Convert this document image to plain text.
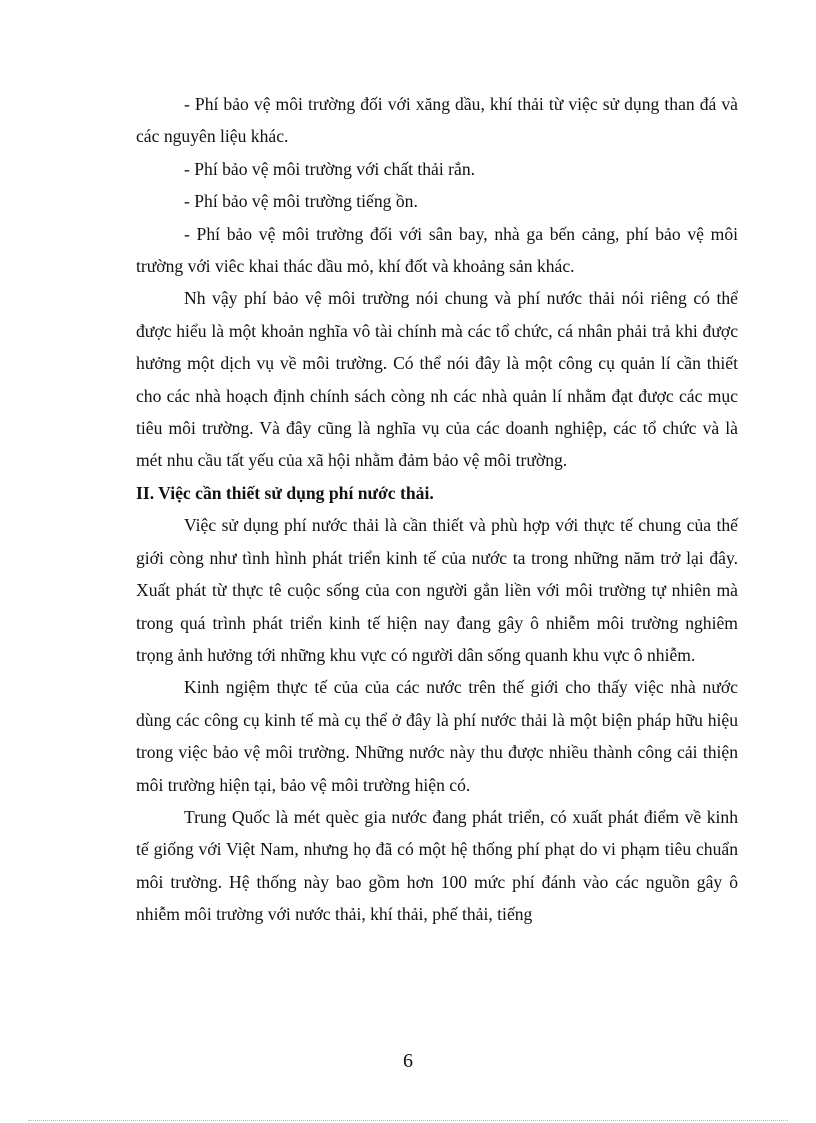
- Phí bảo vệ môi trường đối với xăng dầu, khí thải từ việc sử dụng than đá và các nguyên liệu khác.

- Phí bảo vệ môi trường với chất thải rắn.

- Phí bảo vệ môi trường tiếng ồn.

- Phí bảo vệ môi trường đối với sân bay, nhà ga bến cảng, phí bảo vệ môi trường với viêc khai thác dầu mỏ, khí đốt và khoảng sản khác.

Nh vậy phí bảo vệ môi trường nói chung và phí nước thải nói riêng có thể được hiểu là một khoản nghĩa vô tài chính mà các tổ chức, cá nhân phải trả khi được hưởng một dịch vụ về môi trường. Có thể nói đây là một công cụ quản lí cần thiết cho các nhà hoạch định chính sách còng nh các nhà quản lí nhằm đạt được các mục tiêu môi trường. Và đây cũng là nghĩa vụ của các doanh nghiệp, các tổ chức và là mét nhu cầu tất yếu của xã hội nhằm đảm bảo vệ môi trường.

II. Việc cần thiết sử dụng phí nước thải.

Việc sử dụng phí nước thải là cần thiết và phù hợp với thực tế chung của thế giới còng như tình hình phát triển kinh tế của nước ta trong những năm trở lại đây. Xuất phát từ thực tê cuộc sống của con người gắn liền với môi trường tự nhiên mà trong quá trình phát triển kinh tế hiện nay đang gây ô nhiễm môi trường nghiêm trọng ảnh hưởng tới những khu vực có người dân sống quanh khu vực ô nhiễm.

Kinh ngiệm thực tế của của các nước trên thế giới cho thấy việc nhà nước dùng các công cụ kinh tế mà cụ thể ở đây là phí nước thải là một biện pháp hữu hiệu trong việc bảo vệ môi trường. Những nước này thu được nhiều thành công cải thiện môi trường hiện tại, bảo vệ môi trường hiện có.

Trung Quốc là mét quèc gia nước đang phát triển, có xuất phát điểm về kinh tế giống với Việt Nam, nhưng họ đã có một hệ thống phí phạt do vi phạm tiêu chuẩn môi trường. Hệ thống này bao gồm hơn 100 mức phí đánh vào các nguồn gây ô nhiễm môi trường với nước thải, khí thải, phế thải, tiếng

6
